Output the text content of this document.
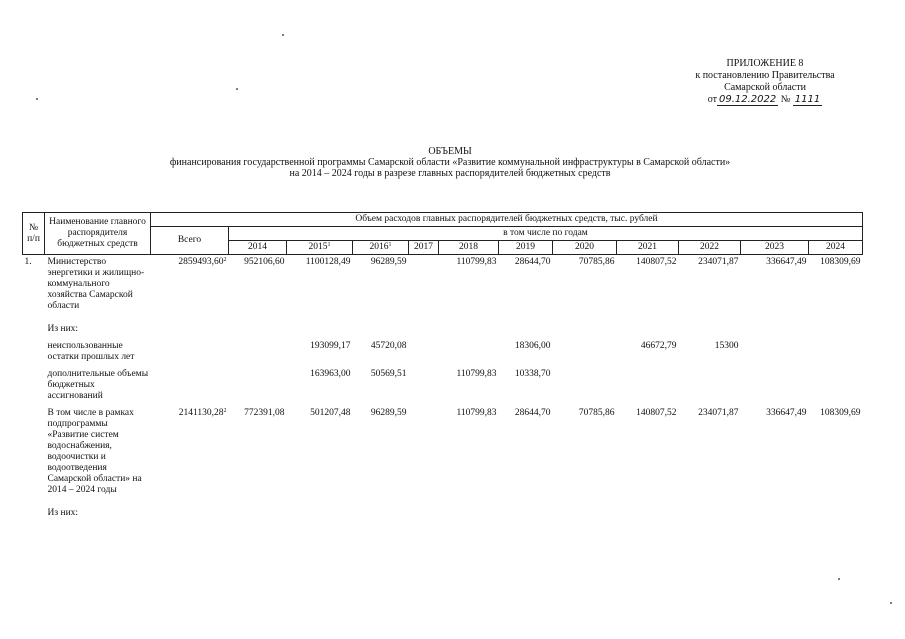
ПРИЛОЖЕНИЕ 8
к постановлению Правительства
Самарской области
от 09.12.2022 № 1111
ОБЪЕМЫ
финансирования государственной программы Самарской области «Развитие коммунальной инфраструктуры в Самарской области»
на 2014 – 2024 годы в разрезе главных распорядителей бюджетных средств
№ п/п	Наименование главного распорядителя бюджетных средств	Объем расходов главных распорядителей бюджетных средств, тыс. рублей											
		Всего	в том числе по годам										
			2014	2015$^1$	2016$^1$	2017	2018	2019	2020	2021	2022	2023	2024
1.	Министерство энергетики и жилищно-коммунального хозяйства Самарской области	2859493,60$^2$	952106,60	1100128,49	96289,59		110799,83	28644,70	70785,86	140807,52	234071,87	336647,49	108309,69
	Из них:												
	неиспользованные остатки прошлых лет			193099,17	45720,08			18306,00		46672,79	15300		
	дополнительные объемы бюджетных ассигнований			163963,00	50569,51		110799,83	10338,70					
	В том числе в рамках подпрограммы «Развитие систем водоснабжения, водоочистки и водоотведения Самарской области» на 2014 – 2024 годы	2141130,28$^2$	772391,08	501207,48	96289,59		110799,83	28644,70	70785,86	140807,52	234071,87	336647,49	108309,69
	Из них:												
